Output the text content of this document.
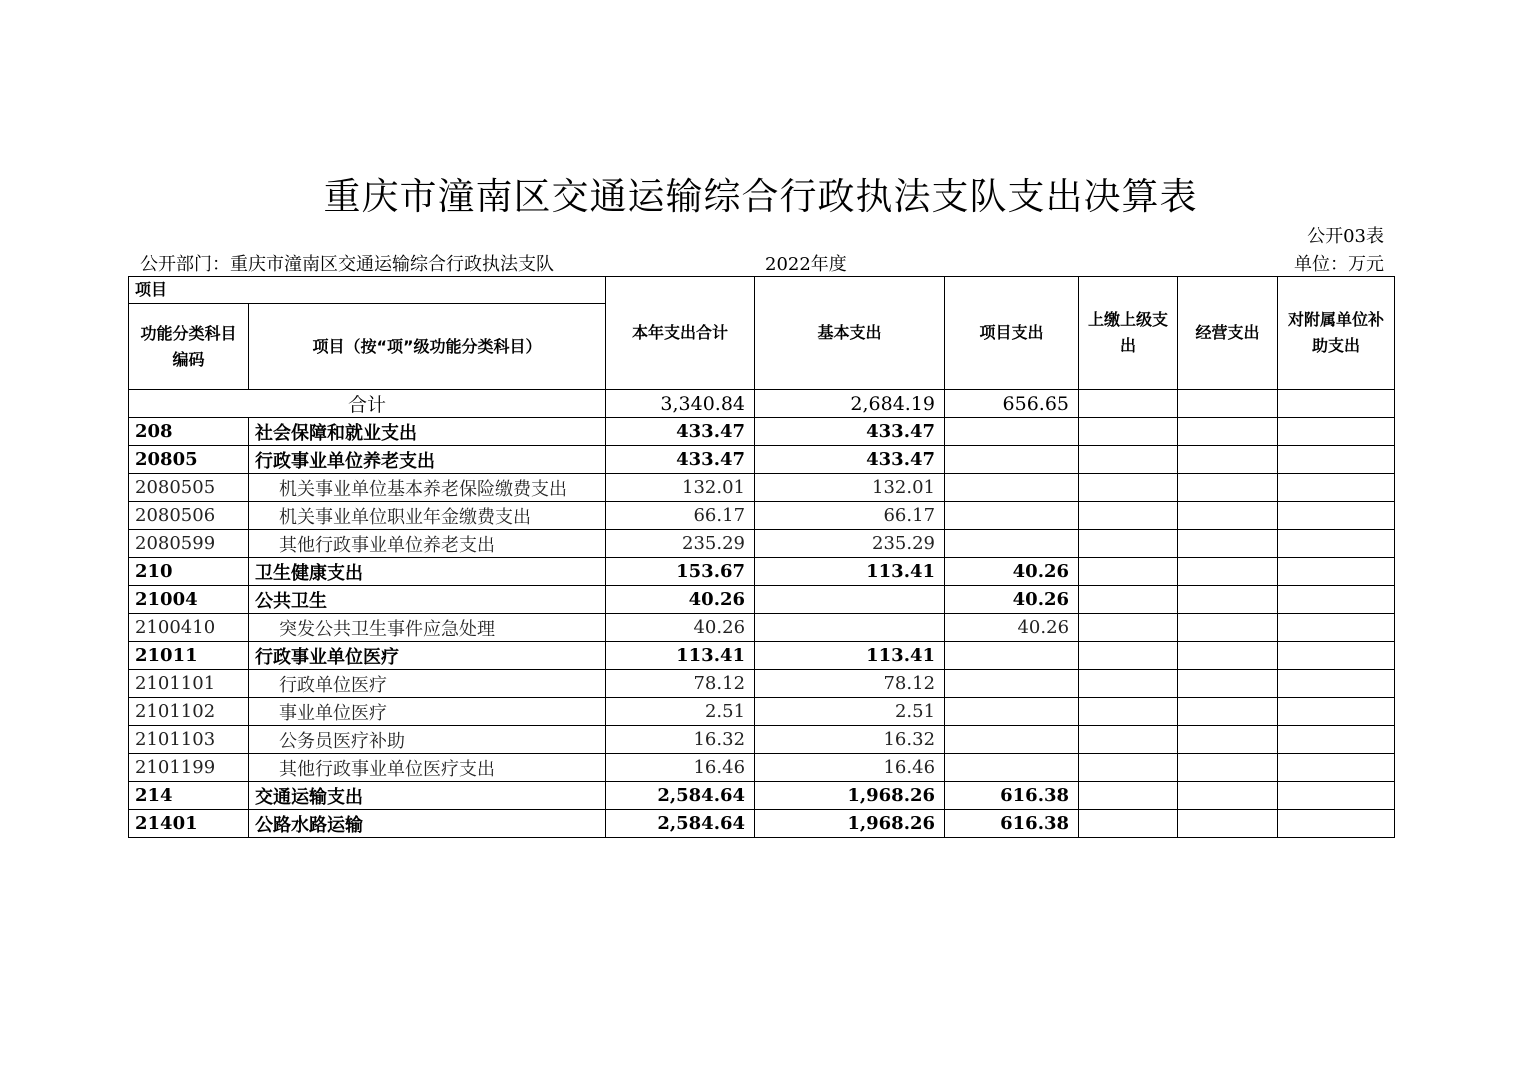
重庆市潼南区交通运输综合行政执法支队支出决算表
公开03表
公开部门：重庆市潼南区交通运输综合行政执法支队	2022年度	单位：万元
项目		本年支出合计	基本支出	项目支出	上缴上级支出	经营支出	对附属单位补助支出
功能分类科目编码	项目（按“项”级功能分类科目）						
合计		3,340.84	2,684.19	656.65			
208	社会保障和就业支出	433.47	433.47				
20805	行政事业单位养老支出	433.47	433.47				
2080505	机关事业单位基本养老保险缴费支出	132.01	132.01				
2080506	机关事业单位职业年金缴费支出	66.17	66.17				
2080599	其他行政事业单位养老支出	235.29	235.29				
210	卫生健康支出	153.67	113.41	40.26			
21004	公共卫生	40.26		40.26			
2100410	突发公共卫生事件应急处理	40.26		40.26			
21011	行政事业单位医疗	113.41	113.41				
2101101	行政单位医疗	78.12	78.12				
2101102	事业单位医疗	2.51	2.51				
2101103	公务员医疗补助	16.32	16.32				
2101199	其他行政事业单位医疗支出	16.46	16.46				
214	交通运输支出	2,584.64	1,968.26	616.38			
21401	公路水路运输	2,584.64	1,968.26	616.38			
